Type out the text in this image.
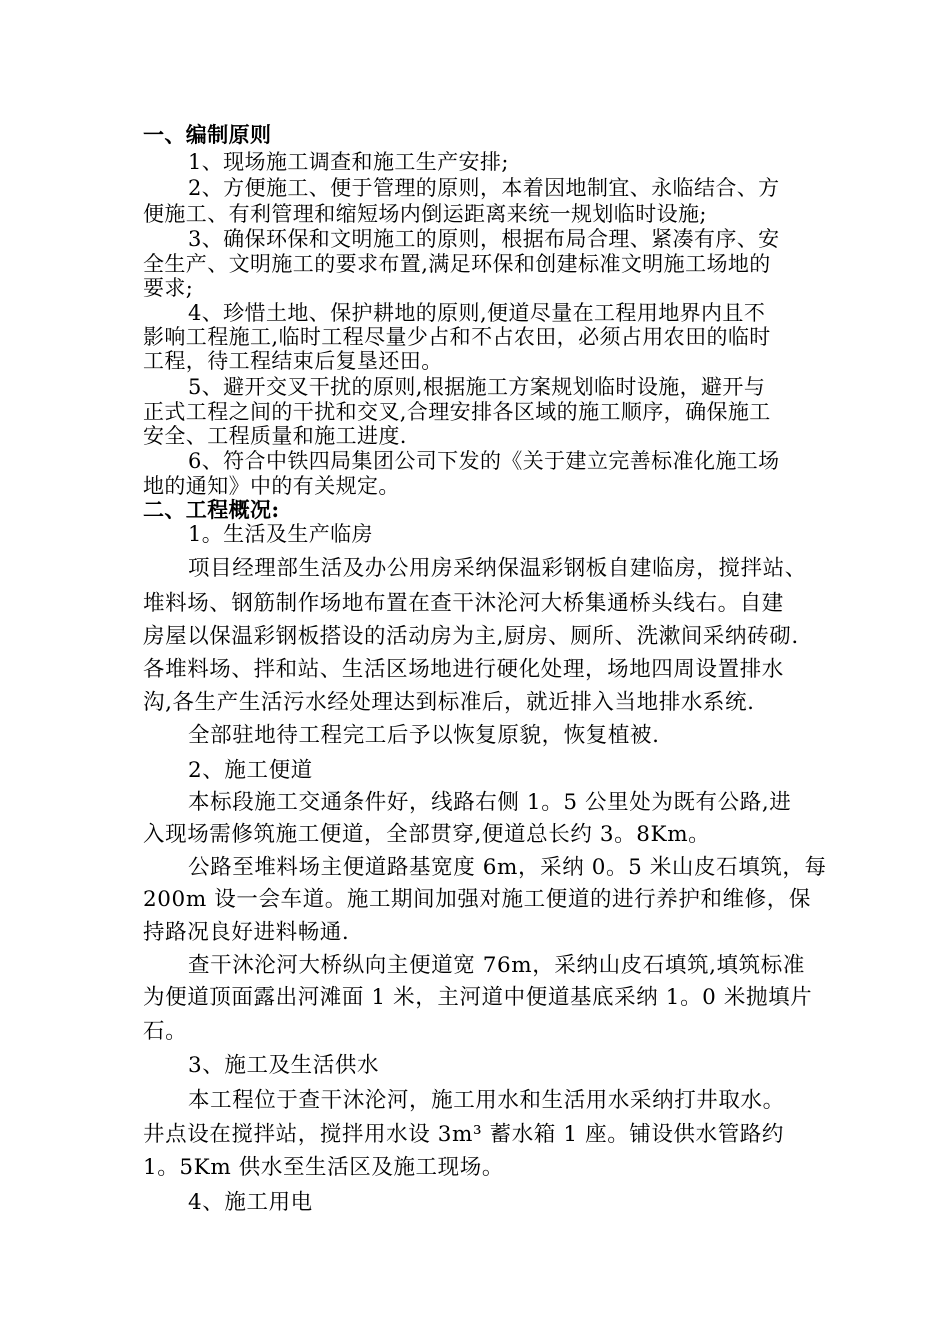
一、编制原则
1、现场施工调查和施工生产安排;
2、方便施工、便于管理的原则，本着因地制宜、永临结合、方
便施工、有利管理和缩短场内倒运距离来统一规划临时设施;
3、确保环保和文明施工的原则，根据布局合理、紧凑有序、安
全生产、文明施工的要求布置,满足环保和创建标准文明施工场地的
要求;
4、珍惜土地、保护耕地的原则,便道尽量在工程用地界内且不
影响工程施工,临时工程尽量少占和不占农田，必须占用农田的临时
工程，待工程结束后复垦还田。
5、避开交叉干扰的原则,根据施工方案规划临时设施，避开与
正式工程之间的干扰和交叉,合理安排各区域的施工顺序，确保施工
安全、工程质量和施工进度.
6、符合中铁四局集团公司下发的《关于建立完善标准化施工场
地的通知》中的有关规定。
二、工程概况:
1。生活及生产临房
项目经理部生活及办公用房采纳保温彩钢板自建临房，搅拌站、
堆料场、钢筋制作场地布置在查干沐沦河大桥集通桥头线右。自建
房屋以保温彩钢板搭设的活动房为主,厨房、厕所、洗漱间采纳砖砌.
各堆料场、拌和站、生活区场地进行硬化处理，场地四周设置排水
沟,各生产生活污水经处理达到标准后，就近排入当地排水系统.
全部驻地待工程完工后予以恢复原貌，恢复植被.
2、施工便道
本标段施工交通条件好，线路右侧 1。5 公里处为既有公路,进
入现场需修筑施工便道，全部贯穿,便道总长约 3。8Km。
公路至堆料场主便道路基宽度 6m，采纳 0。5 米山皮石填筑，每
200m 设一会车道。施工期间加强对施工便道的进行养护和维修，保
持路况良好进料畅通.
查干沐沦河大桥纵向主便道宽 76m，采纳山皮石填筑,填筑标准
为便道顶面露出河滩面 1 米，主河道中便道基底采纳 1。0 米抛填片
石。
3、施工及生活供水
本工程位于查干沐沦河，施工用水和生活用水采纳打井取水。
井点设在搅拌站，搅拌用水设 3m³ 蓄水箱 1 座。铺设供水管路约
1。5Km 供水至生活区及施工现场。
4、施工用电
